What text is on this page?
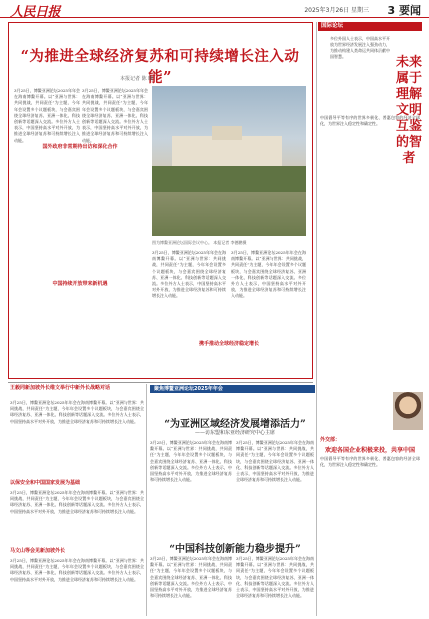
人民日报	2025年3月26日 星期三 3 要闻
“为推进全球经济复苏和可持续增长注入动能”
本报记者 陈 曦
3月25日，博鳌亚洲论坛2025年年会在海南博鳌开幕。以“亚洲与世界：共同挑战，共同责任”为主题，今年年会设置多个议题板块，与会嘉宾围绕全球经济复苏、亚洲一体化、科技创新等话题深入交流。多位外方人士表示，中国坚持高水平对外开放，为推进全球经济复苏和可持续增长注入动能。
3月25日，博鳌亚洲论坛2025年年会在海南博鳌开幕。以“亚洲与世界：共同挑战，共同责任”为主题，今年年会设置多个议题板块，与会嘉宾围绕全球经济复苏、亚洲一体化、科技创新等话题深入交流。多位外方人士表示，中国坚持高水平对外开放，为推进全球经济复苏和可持续增长注入动能。
国外政府非常期待出访和深化合作
中国持续开放带来新机遇
图为博鳌亚洲论坛国际会议中心。 本报记者 李德鹏摄
3月25日，博鳌亚洲论坛2025年年会在海南博鳌开幕。以“亚洲与世界：共同挑战，共同责任”为主题，今年年会设置多个议题板块，与会嘉宾围绕全球经济复苏、亚洲一体化、科技创新等话题深入交流。多位外方人士表示，中国坚持高水平对外开放，为推进全球经济复苏和可持续增长注入动能。
3月25日，博鳌亚洲论坛2025年年会在海南博鳌开幕。以“亚洲与世界：共同挑战，共同责任”为主题，今年年会设置多个议题板块，与会嘉宾围绕全球经济复苏、亚洲一体化、科技创新等话题深入交流。多位外方人士表示，中国坚持高水平对外开放，为推进全球经济复苏和可持续增长注入动能。
携手推动全球经济稳定增长
国际论坛
多位外国人士表示，中国高水平开放为世界经济发展注入强劲动力，为推动构建人类命运共同体贡献中国智慧。	未来属于理解文明互鉴的智者
中国倡导平等有序的世界多极化、普惠包容的经济全球化，为世界注入稳定性和确定性。
外交部：
欢迎各国企业积极来投，共享中国
中国倡导平等有序的世界多极化、普惠包容的经济全球化，为世界注入稳定性和确定性。
王毅同新加坡外长维文举行中新外长战略对话
3月25日，博鳌亚洲论坛2025年年会在海南博鳌开幕。以“亚洲与世界：共同挑战，共同责任”为主题，今年年会设置多个议题板块，与会嘉宾围绕全球经济复苏、亚洲一体化、科技创新等话题深入交流。多位外方人士表示，中国坚持高水平对外开放，为推进全球经济复苏和可持续增长注入动能。
以保安全和中国国家发展为基础
3月25日，博鳌亚洲论坛2025年年会在海南博鳌开幕。以“亚洲与世界：共同挑战，共同责任”为主题，今年年会设置多个议题板块，与会嘉宾围绕全球经济复苏、亚洲一体化、科技创新等话题深入交流。多位外方人士表示，中国坚持高水平对外开放，为推进全球经济复苏和可持续增长注入动能。
马文山等会见新加坡外长
3月25日，博鳌亚洲论坛2025年年会在海南博鳌开幕。以“亚洲与世界：共同挑战，共同责任”为主题，今年年会设置多个议题板块，与会嘉宾围绕全球经济复苏、亚洲一体化、科技创新等话题深入交流。多位外方人士表示，中国坚持高水平对外开放，为推进全球经济复苏和可持续增长注入动能。
聚焦博鳌亚洲论坛2025年年会
“为亚洲区域经济发展增添活力”
——访东盟和东亚经济研究中心主席
3月25日，博鳌亚洲论坛2025年年会在海南博鳌开幕。以“亚洲与世界：共同挑战，共同责任”为主题，今年年会设置多个议题板块，与会嘉宾围绕全球经济复苏、亚洲一体化、科技创新等话题深入交流。多位外方人士表示，中国坚持高水平对外开放，为推进全球经济复苏和可持续增长注入动能。
3月25日，博鳌亚洲论坛2025年年会在海南博鳌开幕。以“亚洲与世界：共同挑战，共同责任”为主题，今年年会设置多个议题板块，与会嘉宾围绕全球经济复苏、亚洲一体化、科技创新等话题深入交流。多位外方人士表示，中国坚持高水平对外开放，为推进全球经济复苏和可持续增长注入动能。
“中国科技创新能力稳步提升”
3月25日，博鳌亚洲论坛2025年年会在海南博鳌开幕。以“亚洲与世界：共同挑战，共同责任”为主题，今年年会设置多个议题板块，与会嘉宾围绕全球经济复苏、亚洲一体化、科技创新等话题深入交流。多位外方人士表示，中国坚持高水平对外开放，为推进全球经济复苏和可持续增长注入动能。
3月25日，博鳌亚洲论坛2025年年会在海南博鳌开幕。以“亚洲与世界：共同挑战，共同责任”为主题，今年年会设置多个议题板块，与会嘉宾围绕全球经济复苏、亚洲一体化、科技创新等话题深入交流。多位外方人士表示，中国坚持高水平对外开放，为推进全球经济复苏和可持续增长注入动能。
